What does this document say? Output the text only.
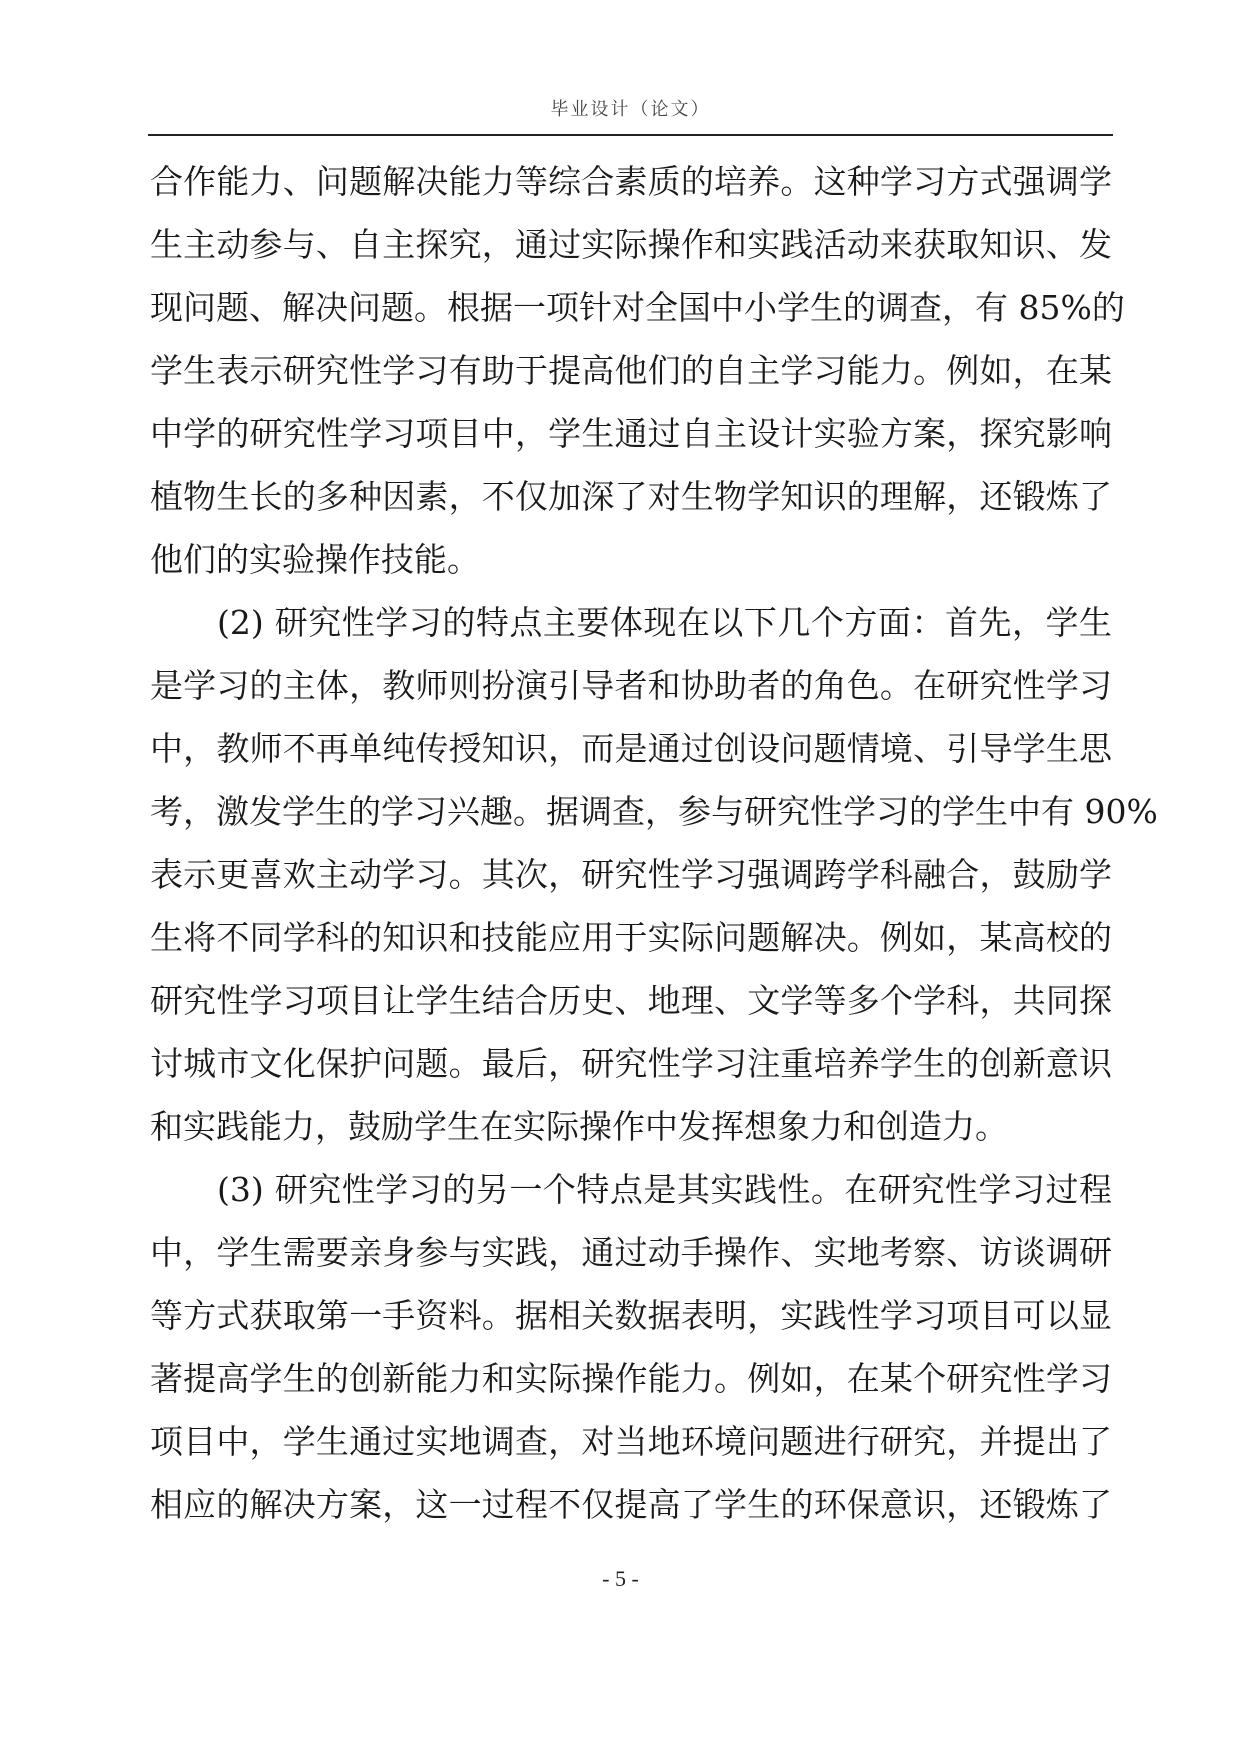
毕业设计（论文）
合作能力、问题解决能力等综合素质的培养。这种学习方式强调学
生主动参与、自主探究，通过实际操作和实践活动来获取知识、发
现问题、解决问题。根据一项针对全国中小学生的调查，有 85%的
学生表示研究性学习有助于提高他们的自主学习能力。例如，在某
中学的研究性学习项目中，学生通过自主设计实验方案，探究影响
植物生长的多种因素，不仅加深了对生物学知识的理解，还锻炼了
他们的实验操作技能。
　　(2) 研究性学习的特点主要体现在以下几个方面：首先，学生
是学习的主体，教师则扮演引导者和协助者的角色。在研究性学习
中，教师不再单纯传授知识，而是通过创设问题情境、引导学生思
考，激发学生的学习兴趣。据调查，参与研究性学习的学生中有 90%
表示更喜欢主动学习。其次，研究性学习强调跨学科融合，鼓励学
生将不同学科的知识和技能应用于实际问题解决。例如，某高校的
研究性学习项目让学生结合历史、地理、文学等多个学科，共同探
讨城市文化保护问题。最后，研究性学习注重培养学生的创新意识
和实践能力，鼓励学生在实际操作中发挥想象力和创造力。
　　(3) 研究性学习的另一个特点是其实践性。在研究性学习过程
中，学生需要亲身参与实践，通过动手操作、实地考察、访谈调研
等方式获取第一手资料。据相关数据表明，实践性学习项目可以显
著提高学生的创新能力和实际操作能力。例如，在某个研究性学习
项目中，学生通过实地调查，对当地环境问题进行研究，并提出了
相应的解决方案，这一过程不仅提高了学生的环保意识，还锻炼了
- 5 -
